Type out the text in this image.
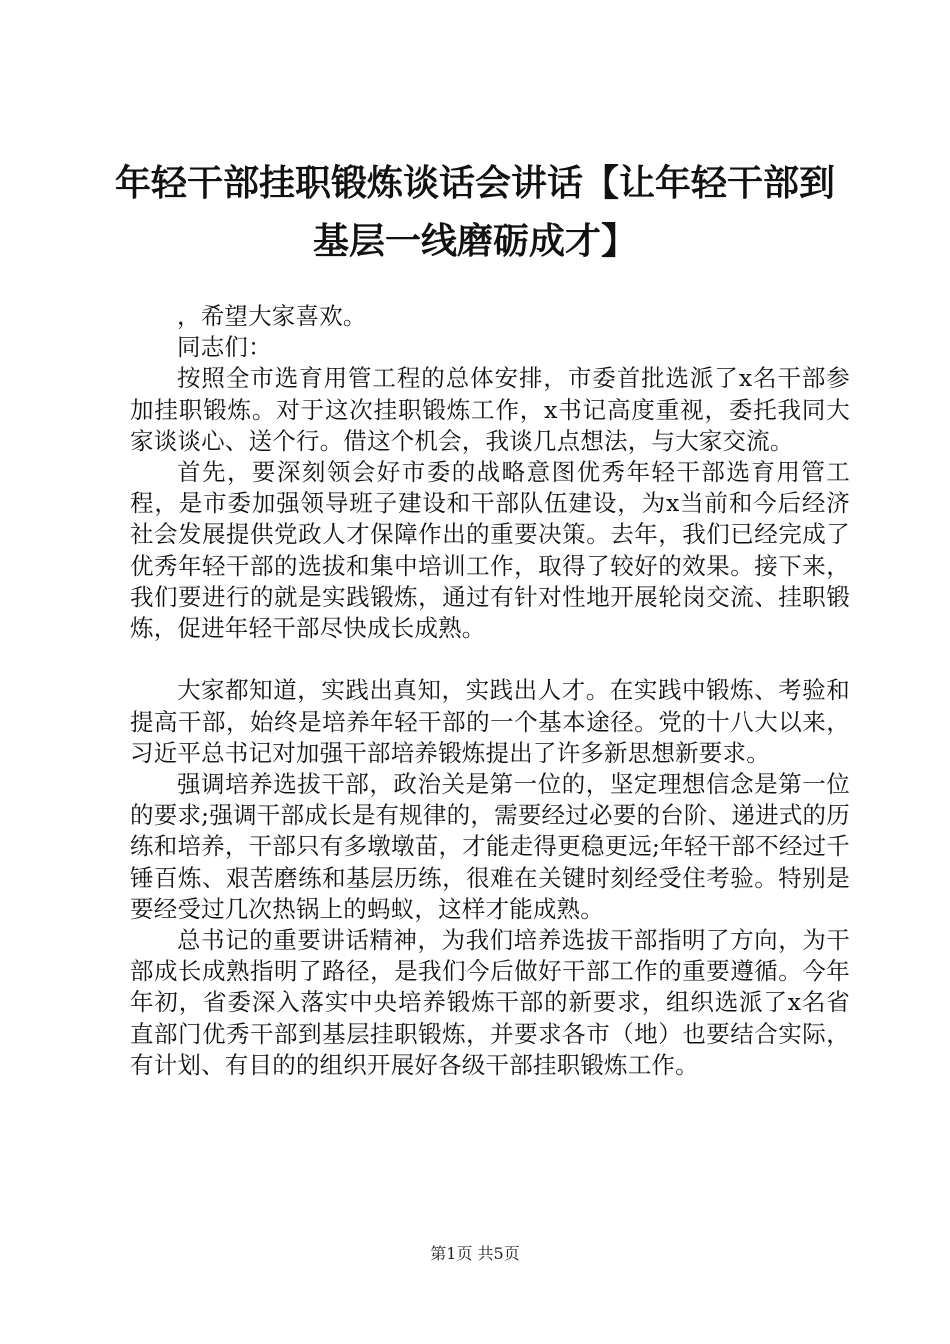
年轻干部挂职锻炼谈话会讲话【让年轻干部到
基层一线磨砺成才】

，希望大家喜欢。

同志们：

按照全市选育用管工程的总体安排，市委首批选派了x名干部参加挂职锻炼。对于这次挂职锻炼工作，x书记高度重视，委托我同大家谈谈心、送个行。借这个机会，我谈几点想法，与大家交流。

首先，要深刻领会好市委的战略意图优秀年轻干部选育用管工程，是市委加强领导班子建设和干部队伍建设，为x当前和今后经济社会发展提供党政人才保障作出的重要决策。去年，我们已经完成了优秀年轻干部的选拔和集中培训工作，取得了较好的效果。接下来，我们要进行的就是实践锻炼，通过有针对性地开展轮岗交流、挂职锻炼，促进年轻干部尽快成长成熟。

大家都知道，实践出真知，实践出人才。在实践中锻炼、考验和提高干部，始终是培养年轻干部的一个基本途径。党的十八大以来，习近平总书记对加强干部培养锻炼提出了许多新思想新要求。

强调培养选拔干部，政治关是第一位的，坚定理想信念是第一位的要求;强调干部成长是有规律的，需要经过必要的台阶、递进式的历练和培养，干部只有多墩墩苗，才能走得更稳更远;年轻干部不经过千锤百炼、艰苦磨练和基层历练，很难在关键时刻经受住考验。特别是要经受过几次热锅上的蚂蚁，这样才能成熟。

总书记的重要讲话精神，为我们培养选拔干部指明了方向，为干部成长成熟指明了路径，是我们今后做好干部工作的重要遵循。今年年初，省委深入落实中央培养锻炼干部的新要求，组织选派了x名省直部门优秀干部到基层挂职锻炼，并要求各市（地）也要结合实际，有计划、有目的的组织开展好各级干部挂职锻炼工作。

第1页 共5页
